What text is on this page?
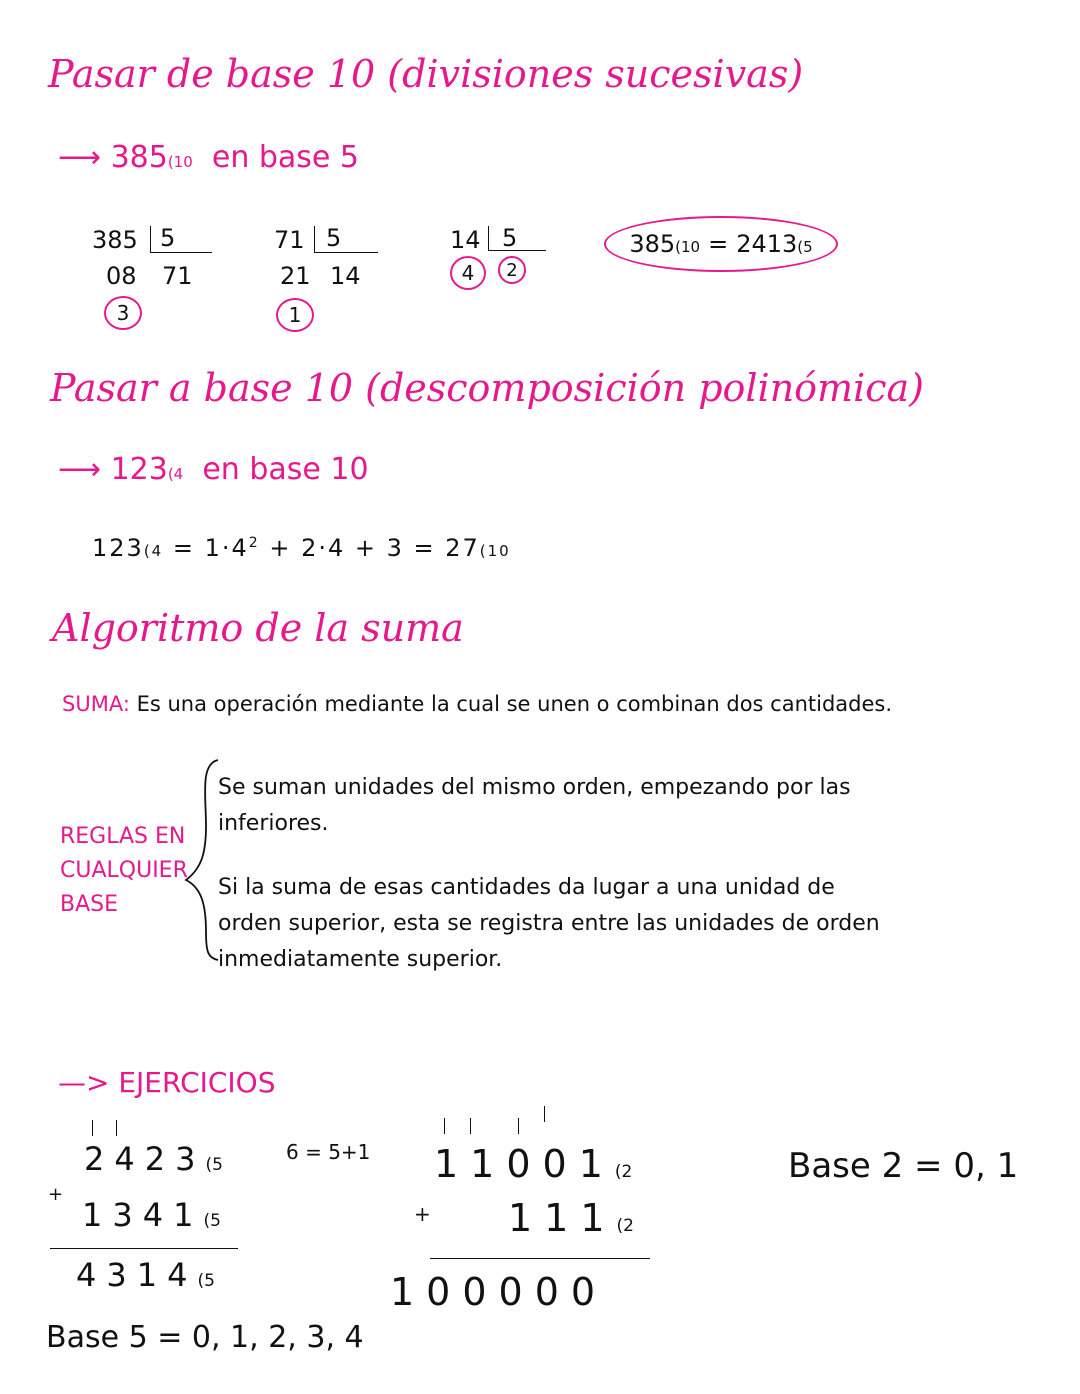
Pasar de base 10 (divisiones sucesivas)
⟶ 385(10 en base 5
385 5
08 71
3
71 5
21 14
1
14 5
4 2
385(10 = 2413(5
Pasar a base 10 (descomposición polinómica)
⟶ 123(4 en base 10
$123(4 = 1\cdot 4^2 + 2\cdot 4 + 3 = 27(10$
Algoritmo de la suma
SUMA: Es una operación mediante la cual se unen o combinan dos cantidades.
REGLAS EN
CUALQUIER
BASE
Se suman unidades del mismo orden, empezando por las
inferiores.
Si la suma de esas cantidades da lugar a una unidad de
orden superior, esta se registra entre las unidades de orden
inmediatamente superior.
—> EJERCICIOS
2423(5
+
1341(5
4314(5
6 = 5+1
Base 5 = 0, 1, 2, 3, 4
11001(2
+ 111(2
100000
Base 2 = 0, 1
